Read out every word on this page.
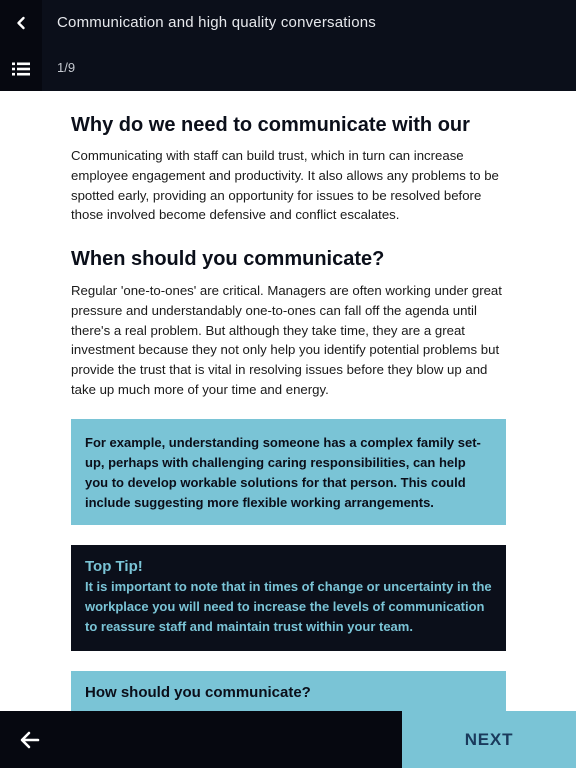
Communication and high quality conversations
1/9
Why do we need to communicate with our

Communicating with staff can build trust, which in turn can increase employee engagement and productivity. It also allows any problems to be spotted early, providing an opportunity for issues to be resolved before those involved become defensive and conflict escalates.

When should you communicate?

Regular 'one-to-ones' are critical. Managers are often working under great pressure and understandably one-to-ones can fall off the agenda until there's a real problem. But although they take time, they are a great investment because they not only help you identify potential problems but provide the trust that is vital in resolving issues before they blow up and take up much more of your time and energy.

For example, understanding someone has a complex family set-up, perhaps with challenging caring responsibilities, can help you to develop workable solutions for that person. This could include suggesting more flexible working arrangements.
Top Tip!
It is important to note that in times of change or uncertainty in the workplace you will need to increase the levels of communication to reassure staff and maintain trust within your team.
How should you communicate?
NEXT
